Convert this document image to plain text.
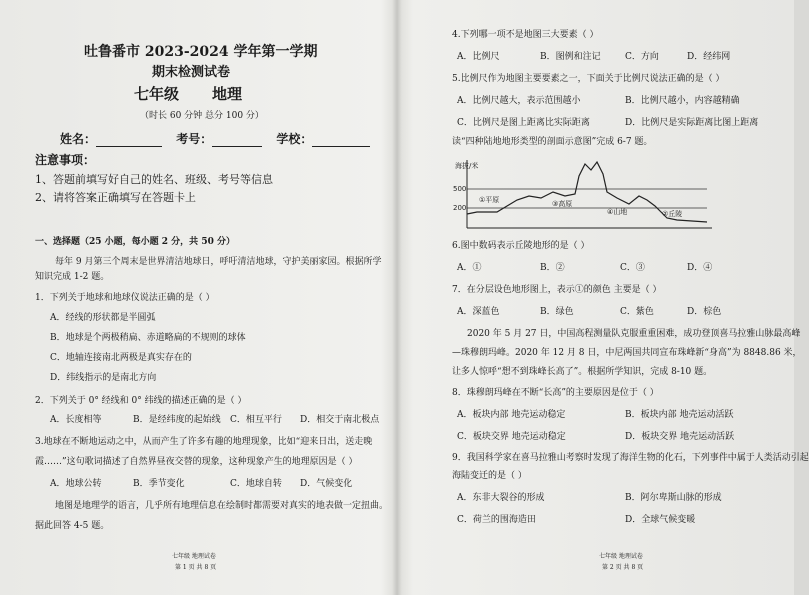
吐鲁番市 2023-2024 学年第一学期
期末检测试卷
七年级 地理
（时长 60 分钟 总分 100 分）
姓名：	考号：	学校：
注意事项：
1、答题前填写好自己的姓名、班级、考号等信息
2、请将答案正确填写在答题卡上
一、选择题（25 小题，每小题 2 分，共 50 分）
每年 9 月第三个周末是世界清洁地球日，呼吁清洁地球，守护美丽家园。根据所学
知识完成 1-2 题。
1．下列关于地球和地球仪说法正确的是（ ）
A．经线的形状都是半圆弧
B．地球是个两极稍扁、赤道略扁的不规则的球体
C．地轴连接南北两极是真实存在的
D．纬线指示的是南北方向
2．下列关于 0° 经线和 0° 纬线的描述正确的是（ ）
A．长度相等	B．是经纬度的起始线 C．相互平行 D．相交于南北极点
3.地球在不断地运动之中，从而产生了许多有趣的地理现象，比如“迎来日出，送走晚
霞……”这句歌词描述了自然界昼夜交替的现象，这种现象产生的地理原因是（ ）
A．地球公转	B．季节变化	C．地球自转 D．气候变化
地图是地理学的语言，几乎所有地理信息在绘制时都需要对真实的地表做一定扭曲。
据此回答 4-5 题。
七年级 地理试卷
第 1 页 共 8 页
4.下列哪一项不是地图三大要素（ ）
A．比例尺	B．图例和注记	C．方向	D．经纬网
5.比例尺作为地图主要要素之一，下面关于比例尺说法正确的是（ ）
A．比例尺越大，表示范围越小	B．比例尺越小，内容越精确
C．比例尺是图上距离比实际距离	D．比例尺是实际距离比图上距离
读“四种陆地地形类型的剖面示意图”完成 6-7 题。
海拔/米
500
200
①平原
②丘陵
③高原
④山地
6.图中数码表示丘陵地形的是（ ）
A．①	B．②	C．③	D．④
7．在分层设色地形图上，表示①的颜色 主要是（ ）
A．深蓝色	B．绿色	C．紫色	D．棕色
2020 年 5 月 27 日，中国高程测量队克服重重困难，成功登顶喜马拉雅山脉最高峰
—珠穆朗玛峰。2020 年 12 月 8 日，中尼两国共同宣布珠峰新“身高”为 8848.86 米，
让多人惊呼“想不到珠峰长高了”。根据所学知识，完成 8-10 题。
8．珠穆朗玛峰在不断“长高”的主要原因是位于（ ）
A．板块内部 地壳运动稳定	B．板块内部 地壳运动活跃
C．板块交界 地壳运动稳定	D．板块交界 地壳运动活跃
9．我国科学家在喜马拉雅山考察时发现了海洋生物的化石，下列事件中属于人类活动引起
海陆变迁的是（ ）
A．东非大裂谷的形成	B．阿尔卑斯山脉的形成
C．荷兰的围海造田	D．全球气候变暖
七年级 地理试卷
第 2 页 共 8 页
